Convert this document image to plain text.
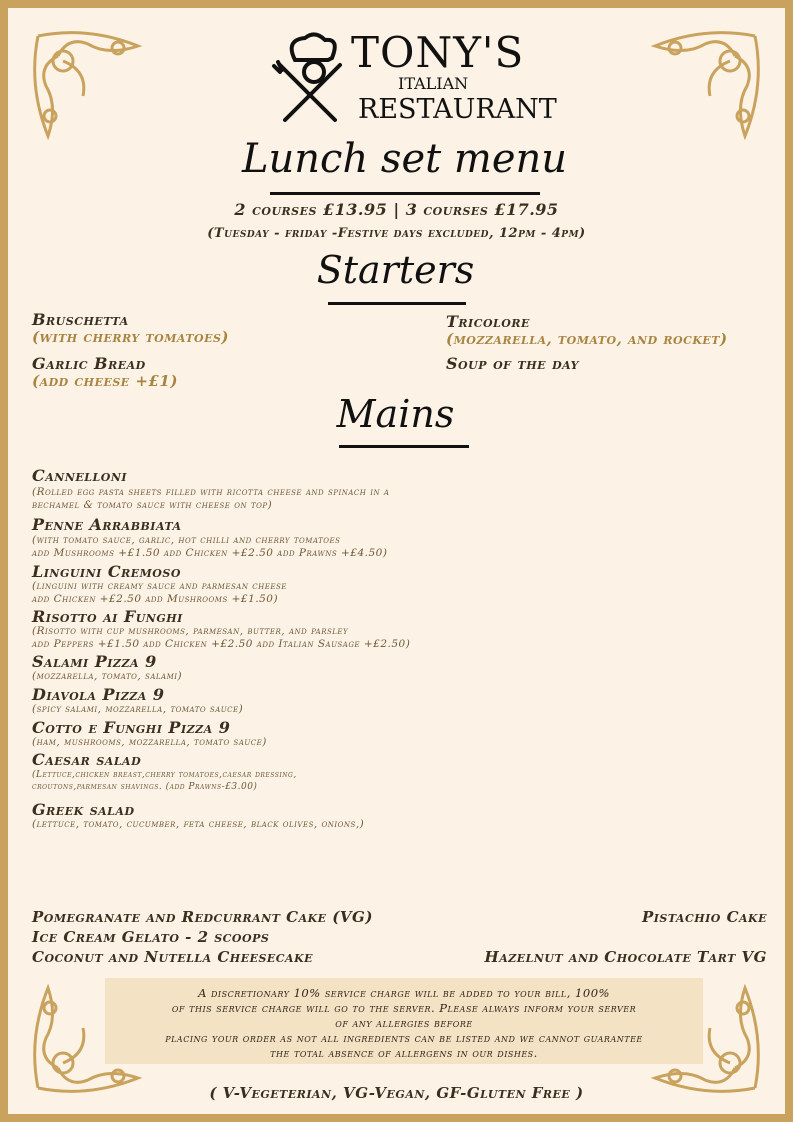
TONY'S
ITALIAN
RESTAURANT
Lunch set menu
2 courses £13.95 | 3 courses £17.95
(Tuesday - friday -Festive days excluded, 12pm - 4pm)
Starters
Bruschetta
(with cherry tomatoes)
Garlic Bread
(add cheese +£1)
Tricolore
(mozzarella, tomato, and rocket)
Soup of the day
Mains
Cannelloni
(Rolled egg pasta sheets filled with ricotta cheese and spinach in a
bechamel & tomato sauce with cheese on top)
Penne Arrabbiata
(with tomato sauce, garlic, hot chilli and cherry tomatoes
add Mushrooms +£1.50 add Chicken +£2.50 add Prawns +£4.50)
Linguini Cremoso
(linguini with creamy sauce and parmesan cheese
add Chicken +£2.50 add Mushrooms +£1.50)
Risotto ai Funghi
(Risotto with cup mushrooms, parmesan, butter, and parsley
add Peppers +£1.50 add Chicken +£2.50 add Italian Sausage +£2.50)
Salami Pizza 9
(mozzarella, tomato, salami)
Diavola Pizza 9
(spicy salami, mozzarella, tomato sauce)
Cotto e Funghi Pizza 9
(ham, mushrooms, mozzarella, tomato sauce)
Caesar salad
(Lettuce,chicken breast,cherry tomatoes,caesar dressing,
croutons,parmesan shavings. (add Prawns-£3.00)
Greek salad
(lettuce, tomato, cucumber, feta cheese, black olives, onions,)
Pomegranate and Redcurrant Cake (VG)
Ice Cream Gelato - 2 scoops
Coconut and Nutella Cheesecake
Pistachio Cake
Hazelnut and Chocolate Tart VG
A discretionary 10% service charge will be added to your bill, 100%
of this service charge will go to the server. Please always inform your server
of any allergies before
placing your order as not all ingredients can be listed and we cannot guarantee
the total absence of allergens in our dishes.
( V-Vegeterian, VG-Vegan, GF-Gluten Free )
